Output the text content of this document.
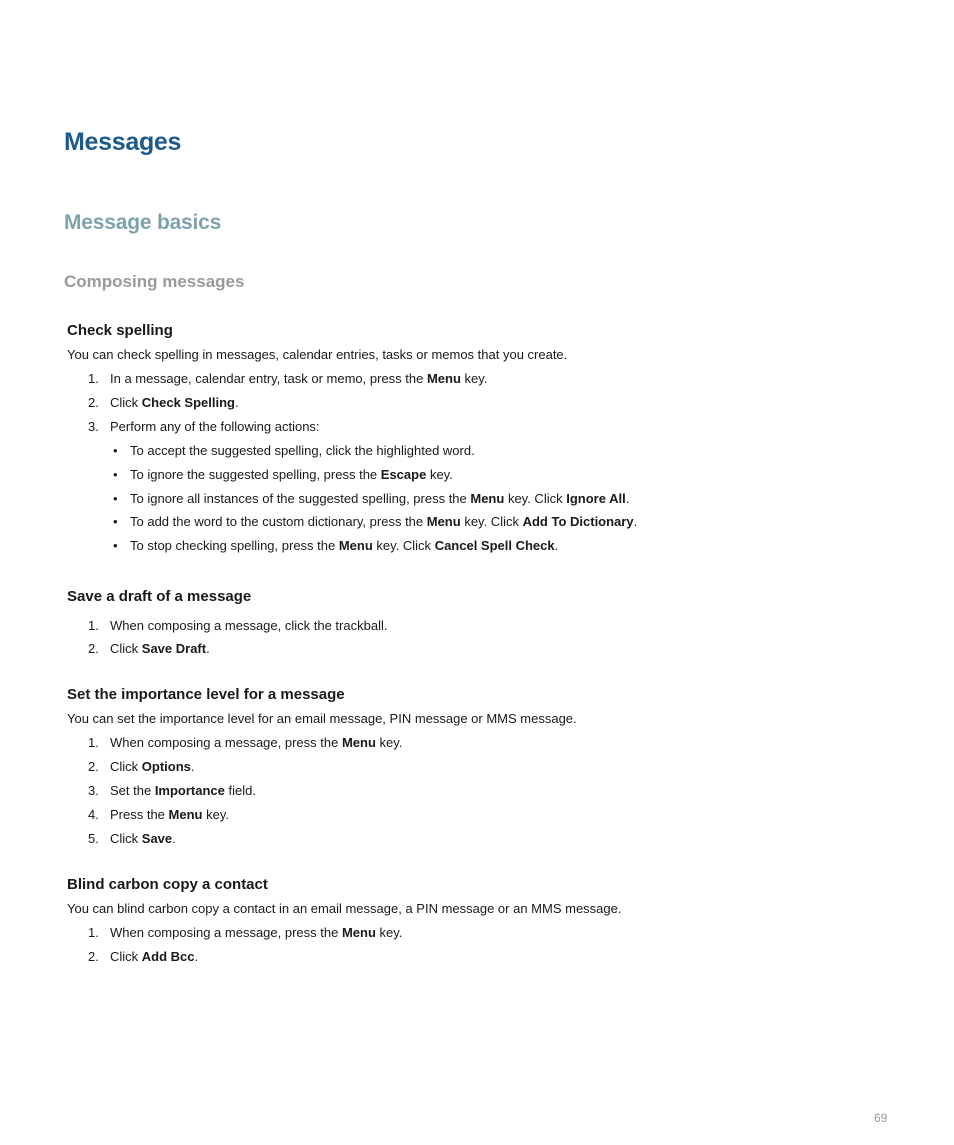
Messages
Message basics
Composing messages
Check spelling
You can check spelling in messages, calendar entries, tasks or memos that you create.
1. In a message, calendar entry, task or memo, press the Menu key.
2. Click Check Spelling.
3. Perform any of the following actions:
• To accept the suggested spelling, click the highlighted word.
• To ignore the suggested spelling, press the Escape key.
• To ignore all instances of the suggested spelling, press the Menu key. Click Ignore All.
• To add the word to the custom dictionary, press the Menu key. Click Add To Dictionary.
• To stop checking spelling, press the Menu key. Click Cancel Spell Check.
Save a draft of a message
1. When composing a message, click the trackball.
2. Click Save Draft.
Set the importance level for a message
You can set the importance level for an email message, PIN message or MMS message.
1. When composing a message, press the Menu key.
2. Click Options.
3. Set the Importance field.
4. Press the Menu key.
5. Click Save.
Blind carbon copy a contact
You can blind carbon copy a contact in an email message, a PIN message or an MMS message.
1. When composing a message, press the Menu key.
2. Click Add Bcc.
69
